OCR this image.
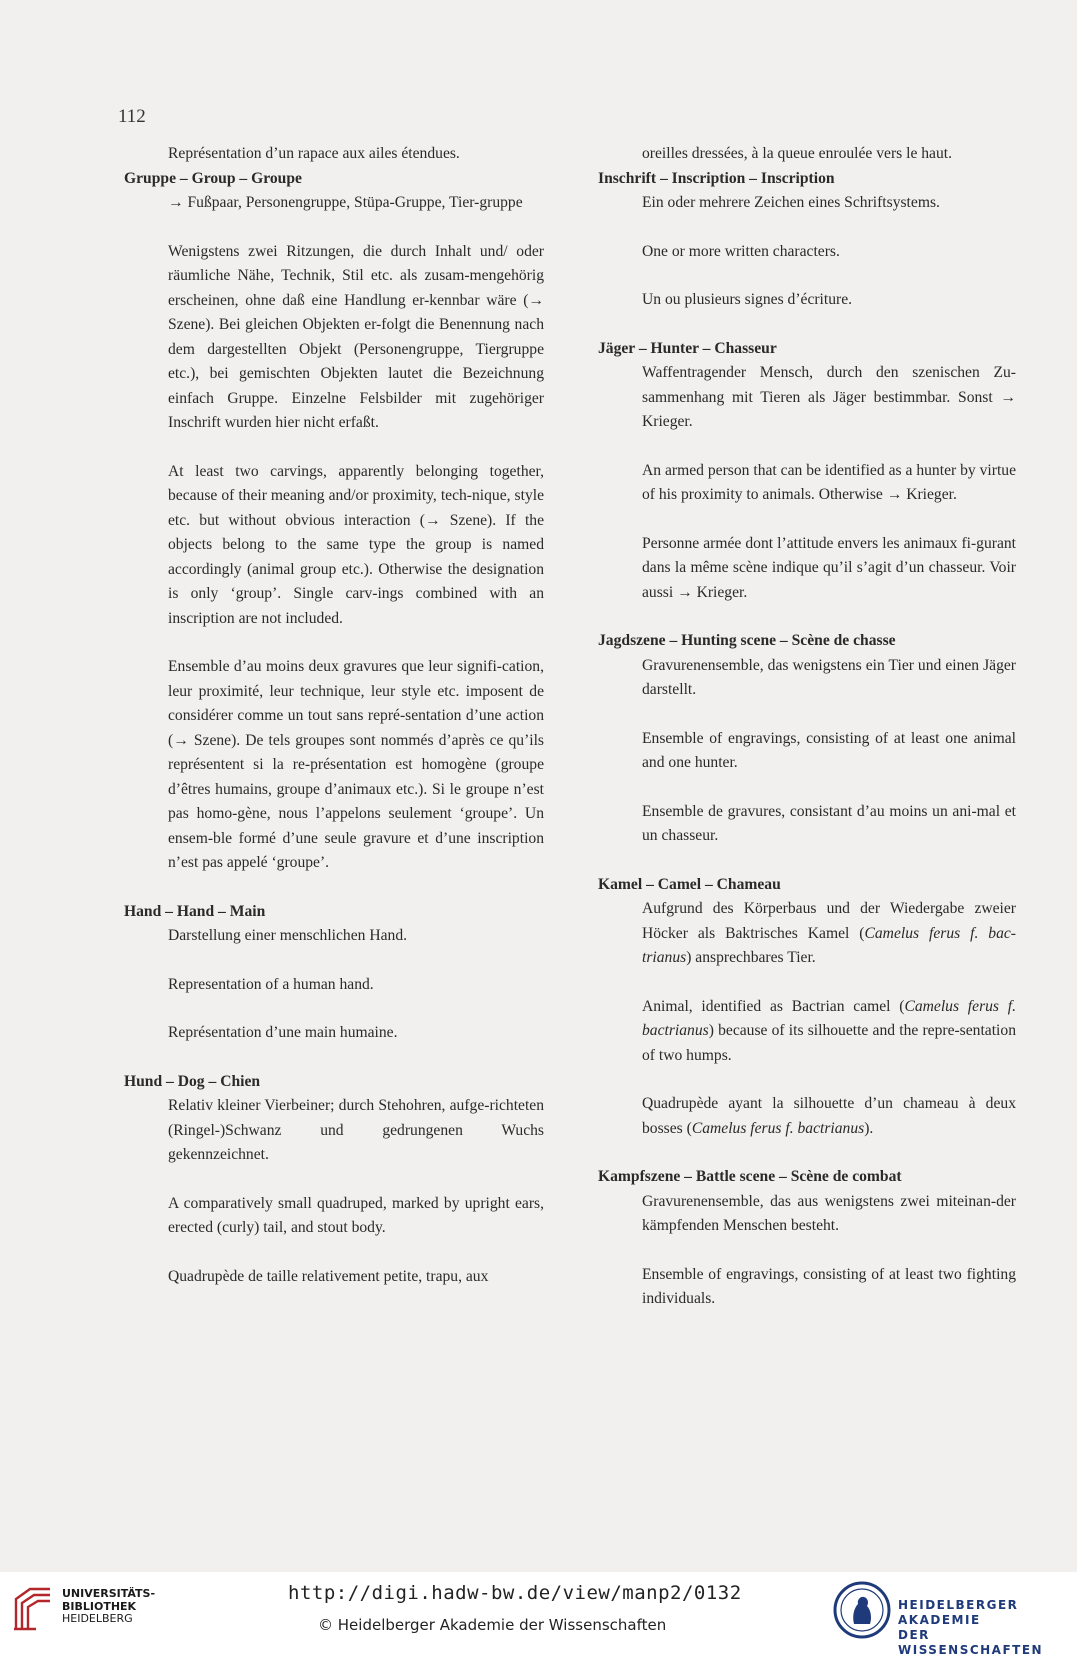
112

Représentation d’un rapace aux ailes étendues.

Gruppe – Group – Groupe

→ Fußpaar, Personengruppe, Stüpa-Gruppe, Tier-gruppe

Wenigstens zwei Ritzungen, die durch Inhalt und/ oder räumliche Nähe, Technik, Stil etc. als zusam-mengehörig erscheinen, ohne daß eine Handlung er-kennbar wäre (→ Szene). Bei gleichen Objekten er-folgt die Benennung nach dem dargestellten Objekt (Personengruppe, Tiergruppe etc.), bei gemischten Objekten lautet die Bezeichnung einfach Gruppe. Einzelne Felsbilder mit zugehöriger Inschrift wurden hier nicht erfaßt.

At least two carvings, apparently belonging together, because of their meaning and/or proximity, tech-nique, style etc. but without obvious interaction (→ Szene). If the objects belong to the same type the group is named accordingly (animal group etc.). Otherwise the designation is only ‘group’. Single carv-ings combined with an inscription are not included.

Ensemble d’au moins deux gravures que leur signifi-cation, leur proximité, leur technique, leur style etc. imposent de considérer comme un tout sans repré-sentation d’une action (→ Szene). De tels groupes sont nommés d’après ce qu’ils représentent si la re-présentation est homogène (groupe d’êtres humains, groupe d’animaux etc.). Si le groupe n’est pas homo-gène, nous l’appelons seulement ‘groupe’. Un ensem-ble formé d’une seule gravure et d’une inscription n’est pas appelé ‘groupe’.

Hand – Hand – Main

Darstellung einer menschlichen Hand.

Representation of a human hand.

Représentation d’une main humaine.

Hund – Dog – Chien

Relativ kleiner Vierbeiner; durch Stehohren, aufge-richteten (Ringel-)Schwanz und gedrungenen Wuchs gekennzeichnet.

A comparatively small quadruped, marked by upright ears, erected (curly) tail, and stout body.

Quadrupède de taille relativement petite, trapu, aux

oreilles dressées, à la queue enroulée vers le haut.

Inschrift – Inscription – Inscription

Ein oder mehrere Zeichen eines Schriftsystems.

One or more written characters.

Un ou plusieurs signes d’écriture.

Jäger – Hunter – Chasseur

Waffentragender Mensch, durch den szenischen Zu-sammenhang mit Tieren als Jäger bestimmbar. Sonst → Krieger.

An armed person that can be identified as a hunter by virtue of his proximity to animals. Otherwise → Krieger.

Personne armée dont l’attitude envers les animaux fi-gurant dans la même scène indique qu’il s’agit d’un chasseur. Voir aussi → Krieger.

Jagdszene – Hunting scene – Scène de chasse

Gravurenensemble, das wenigstens ein Tier und einen Jäger darstellt.

Ensemble of engravings, consisting of at least one animal and one hunter.

Ensemble de gravures, consistant d’au moins un ani-mal et un chasseur.

Kamel – Camel – Chameau

Aufgrund des Körperbaus und der Wiedergabe zweier Höcker als Baktrisches Kamel (Camelus ferus f. bac-trianus) ansprechbares Tier.

Animal, identified as Bactrian camel (Camelus ferus f. bactrianus) because of its silhouette and the repre-sentation of two humps.

Quadrupède ayant la silhouette d’un chameau à deux bosses (Camelus ferus f. bactrianus).

Kampfszene – Battle scene – Scène de combat

Gravurenensemble, das aus wenigstens zwei miteinan-der kämpfenden Menschen besteht.

Ensemble of engravings, consisting of at least two fighting individuals.

UNIVERSITÄTS-
BIBLIOTHEK
HEIDELBERG
http://digi.hadw-bw.de/view/manp2/0132
© Heidelberger Akademie der Wissenschaften
HEIDELBERGER AKADEMIE
DER WISSENSCHAFTEN
